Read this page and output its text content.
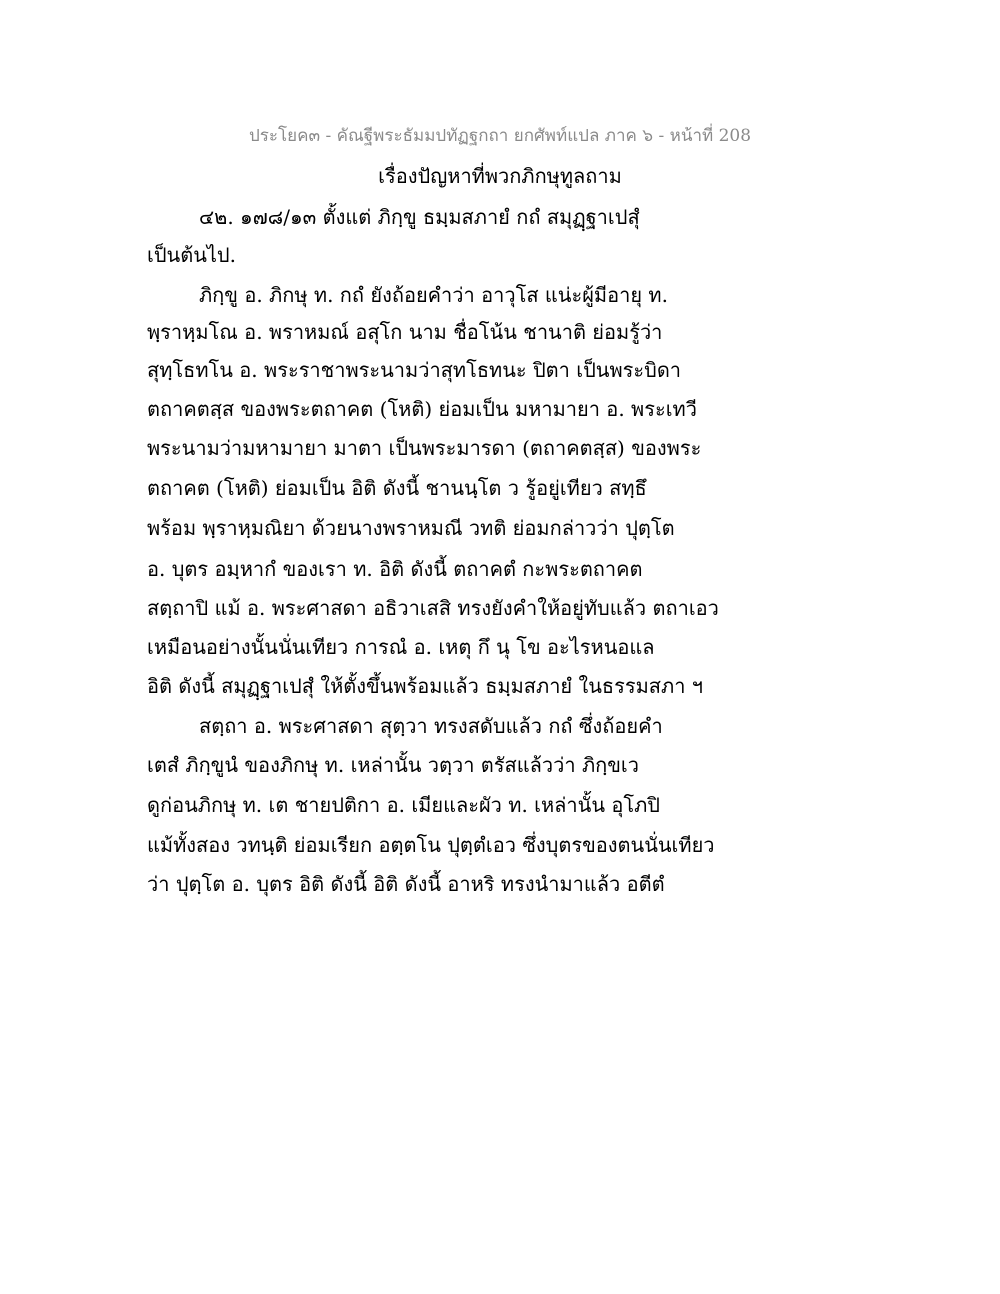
ประโยค๓ - คัณฐีพระธัมมปทัฏฐกถา ยกศัพท์แปล ภาค ๖ - หน้าที่ 208
เรื่องปัญหาที่พวกภิกษุทูลถาม
๔๒. ๑๗๘/๑๓ ตั้งแต่ ภิกฺขู ธมฺมสภายํ กถํ สมุฏฺฐาเปสุํ
เป็นต้นไป.
ภิกฺขู อ. ภิกษุ ท. กถํ ยังถ้อยคำว่า อาวุโส แน่ะผู้มีอายุ ท.
พฺราหฺมโณ อ. พราหมณ์ อสุโก นาม ชื่อโน้น ชานาติ ย่อมรู้ว่า
สุทฺโธทโน อ. พระราชาพระนามว่าสุทโธทนะ ปิตา เป็นพระบิดา
ตถาคตสฺส ของพระตถาคต (โหติ) ย่อมเป็น มหามายา อ. พระเทวี
พระนามว่ามหามายา มาตา เป็นพระมารดา (ตถาคตสฺส) ของพระ
ตถาคต (โหติ) ย่อมเป็น อิติ ดังนี้ ชานนฺโต ว รู้อยู่เทียว สทฺธึ
พร้อม พฺราหฺมณิยา ด้วยนางพราหมณี วทติ ย่อมกล่าวว่า ปุตฺโต
อ. บุตร อมฺหากํ ของเรา ท. อิติ ดังนี้ ตถาคตํ กะพระตถาคต
สตฺถาปิ แม้ อ. พระศาสดา อธิวาเสสิ ทรงยังคำให้อยู่ทับแล้ว ตถาเอว
เหมือนอย่างนั้นนั่นเทียว การณํ อ. เหตุ กึ นุ โข อะไรหนอแล
อิติ ดังนี้ สมุฏฺฐาเปสุํ ให้ตั้งขึ้นพร้อมแล้ว ธมฺมสภายํ ในธรรมสภา ฯ
สตฺถา อ. พระศาสดา สุตฺวา ทรงสดับแล้ว กถํ ซึ่งถ้อยคำ
เตสํ ภิกฺขูนํ ของภิกษุ ท. เหล่านั้น วตฺวา ตรัสแล้วว่า ภิกฺขเว
ดูก่อนภิกษุ ท. เต ชายปติกา อ. เมียและผัว ท. เหล่านั้น อุโภปิ
แม้ทั้งสอง วทนฺติ ย่อมเรียก อตฺตโน ปุตฺตํเอว ซึ่งบุตรของตนนั่นเทียว
ว่า ปุตฺโต อ. บุตร อิติ ดังนี้ อิติ ดังนี้ อาหริ ทรงนำมาแล้ว อตีตํ
